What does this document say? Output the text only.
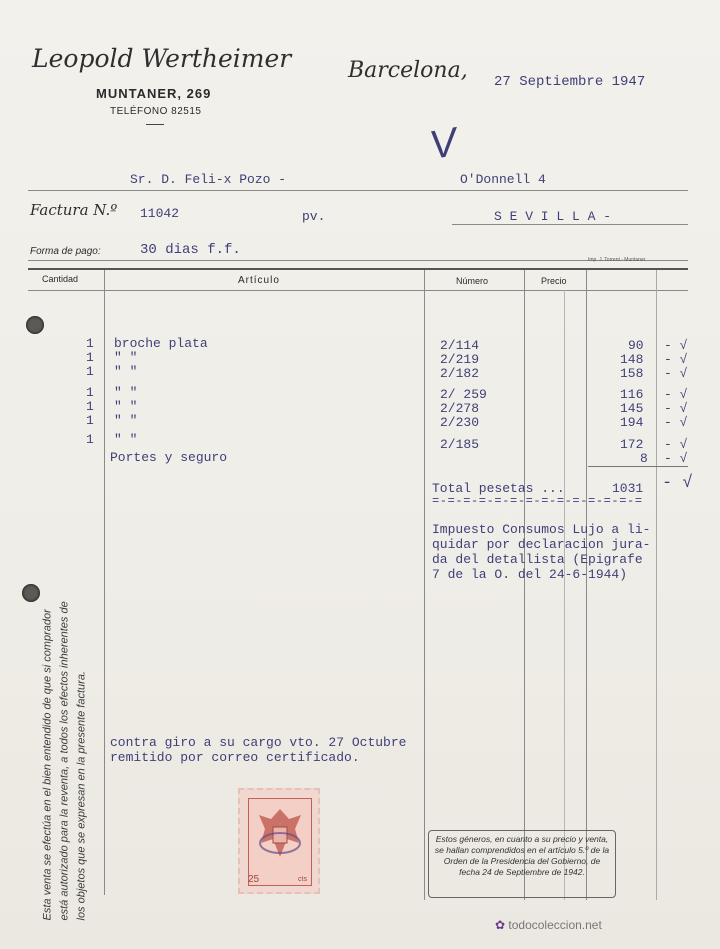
Leopold Wertheimer
MUNTANER, 269
TELÉFONO 82515
Barcelona, 27 Septiembre 1947
V
Sr. D. Feli-x Pozo -	O'Donnell 4
Factura N.º 11042	pv.	S E V I L L A -
Forma de pago:	30 dias f.f.
Imp. J. Torrent - Muntaner
Cantidad	Artículo	Número	Precio
1 broche plata	2/114	90 - √
1 " "	2/219	148 - √
1 " "	2/182	158 - √
1 " "	2/ 259	116 - √
1 " "	2/278	145 - √
1 " "	2/230	194 - √
1 " "	2/185	172 - √
Portes y seguro	8 - √
Total pesetas ...	1031 - √
=-=-=-=-=-=-=-=-=-=-=-=-=-=
Impuesto Consumos Lujo a li-
quidar por declaracion jura-
da del detallista (Epigrafe
7 de la O. del 24-6-1944)
contra giro a su cargo vto. 27 Octubre
remitido por correo certificado.
25	cts
Estos géneros, en cuanto a su precio y venta, se hallan comprendidos en el artículo 5.º de la Orden de la Presidencia del Gobierno, de fecha 24 de Septiembre de 1942.
Esta venta se efectúa en el bien entendido de que si comprador está autorizado para la reventa, a todos los efectos inherentes de los objetos que se expresan en la presente factura.
✿ todocoleccion.net
